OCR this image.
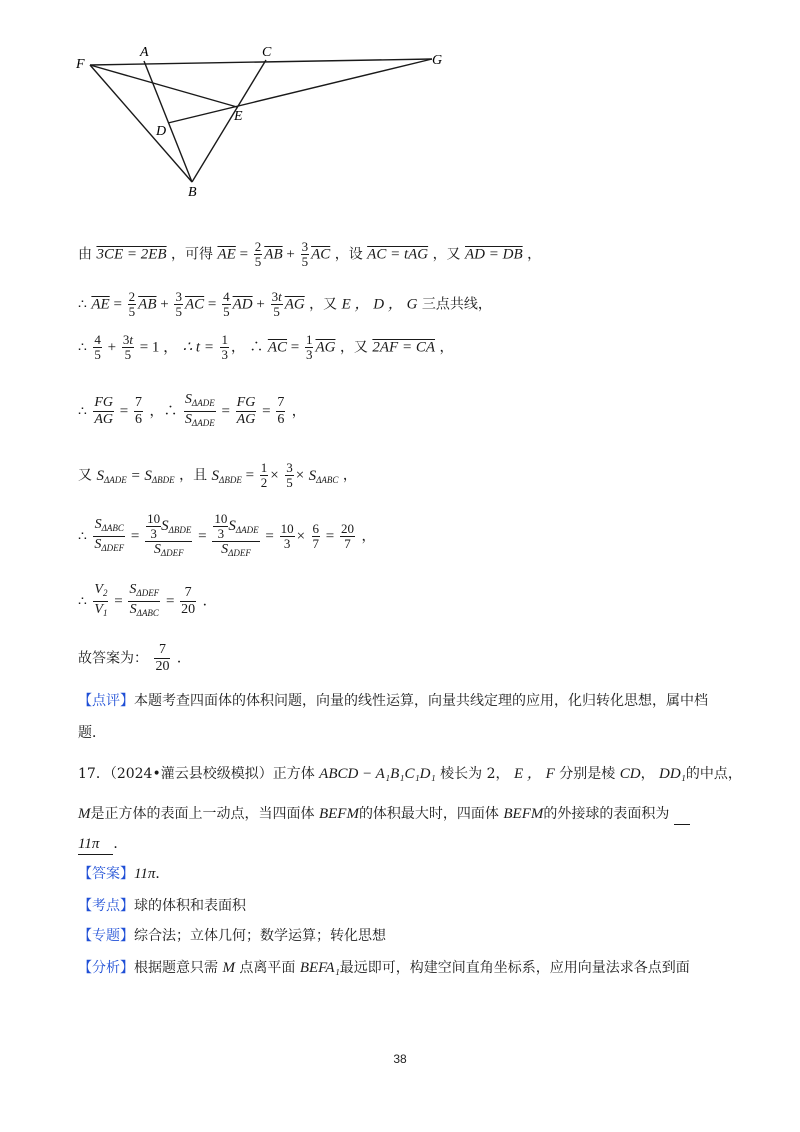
F
A	C
G
D
E
B
由 3CE = 2EB ，可得 $\overline{AE} = \frac{2}{5} \overline{AB} + \frac{3}{5} \overline{AC}$ ，设 AC = tAG ，又 AD = DB ，
∴ $\overline{AE} = \frac{2}{5} \overline{AB} + \frac{3}{5} \overline{AC} = \frac{4}{5} \overline{AD} + \frac{3t}{5} \overline{AG}$ ，又 E ， D ， G 三点共线，
∴ $\frac{4}{5} + \frac{3t}{5} = 1$ ， ∴ $t = \frac{1}{3}$ ， ∴ $\overline{AC} = \frac{1}{3} \overline{AG}$ ，又 2AF = CA ，
∴ $\frac{FG}{AG} = \frac{7}{6}$ ，∴ $\frac{S_{\Delta ADE}}{S_{\Delta ADE}} = \frac{FG}{AG} = \frac{7}{6}$ ，
又 $S_{\Delta ADE} = S_{\Delta BDE}$ ，且 $S_{\Delta BDE} = \frac{1}{2} \times \frac{3}{5} \times S_{\Delta ABC}$ ，
∴ $\frac{S_{\Delta ABC}}{S_{\Delta DEF}} = \frac{\frac{10}{3} S_{\Delta BDE}}{S_{\Delta DEF}} = \frac{\frac{10}{3} S_{\Delta ADE}}{S_{\Delta DEF}} = \frac{10}{3} \times \frac{6}{7} = \frac{20}{7}$ ，
∴ $\frac{V_2}{V_1} = \frac{S_{\Delta DEF}}{S_{\Delta ABC}} = \frac{7}{20}$ ．
故答案为： $\frac{7}{20}$ ．
【点评】本题考查四面体的体积问题，向量的线性运算，向量共线定理的应用，化归转化思想，属中档
题．
17．（2024•灌云县校级模拟）正方体 ABCD − A₁B₁C₁D₁ 棱长为 2， E ， F 分别是棱 CD， DD₁的中点，
M是正方体的表面上一动点，当四面体 BEFM的体积最大时，四面体 BEFM的外接球的表面积为
11π ．
【答案】11π．
【考点】球的体积和表面积
【专题】综合法；立体几何；数学运算；转化思想
【分析】根据题意只需 M 点离平面 BEFA₁最远即可，构建空间直角坐标系，应用向量法求各点到面
38
